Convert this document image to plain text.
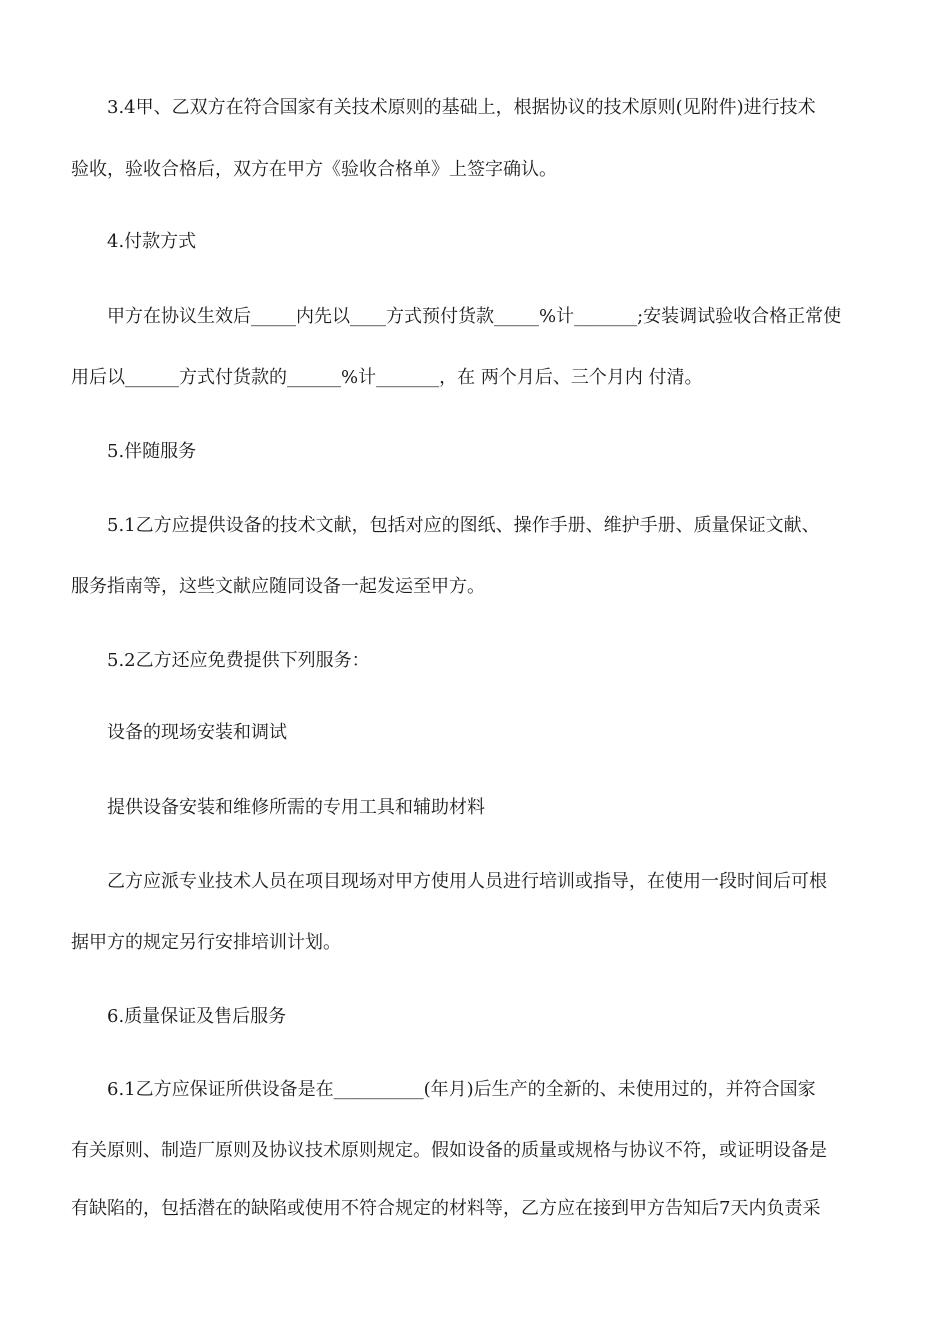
3.4甲、乙双方在符合国家有关技术原则的基础上，根据协议的技术原则(见附件)进行技术
验收，验收合格后，双方在甲方《验收合格单》上签字确认。
4.付款方式
甲方在协议生效后_____内先以____方式预付货款_____%计_______;安装调试验收合格正常使
用后以______方式付货款的______%计_______，在 两个月后、三个月内 付清。
5.伴随服务
5.1乙方应提供设备的技术文献，包括对应的图纸、操作手册、维护手册、质量保证文献、
服务指南等，这些文献应随同设备一起发运至甲方。
5.2乙方还应免费提供下列服务：
设备的现场安装和调试
提供设备安装和维修所需的专用工具和辅助材料
乙方应派专业技术人员在项目现场对甲方使用人员进行培训或指导，在使用一段时间后可根
据甲方的规定另行安排培训计划。
6.质量保证及售后服务
6.1乙方应保证所供设备是在__________(年月)后生产的全新的、未使用过的，并符合国家
有关原则、制造厂原则及协议技术原则规定。假如设备的质量或规格与协议不符，或证明设备是
有缺陷的，包括潜在的缺陷或使用不符合规定的材料等，乙方应在接到甲方告知后7天内负责采
